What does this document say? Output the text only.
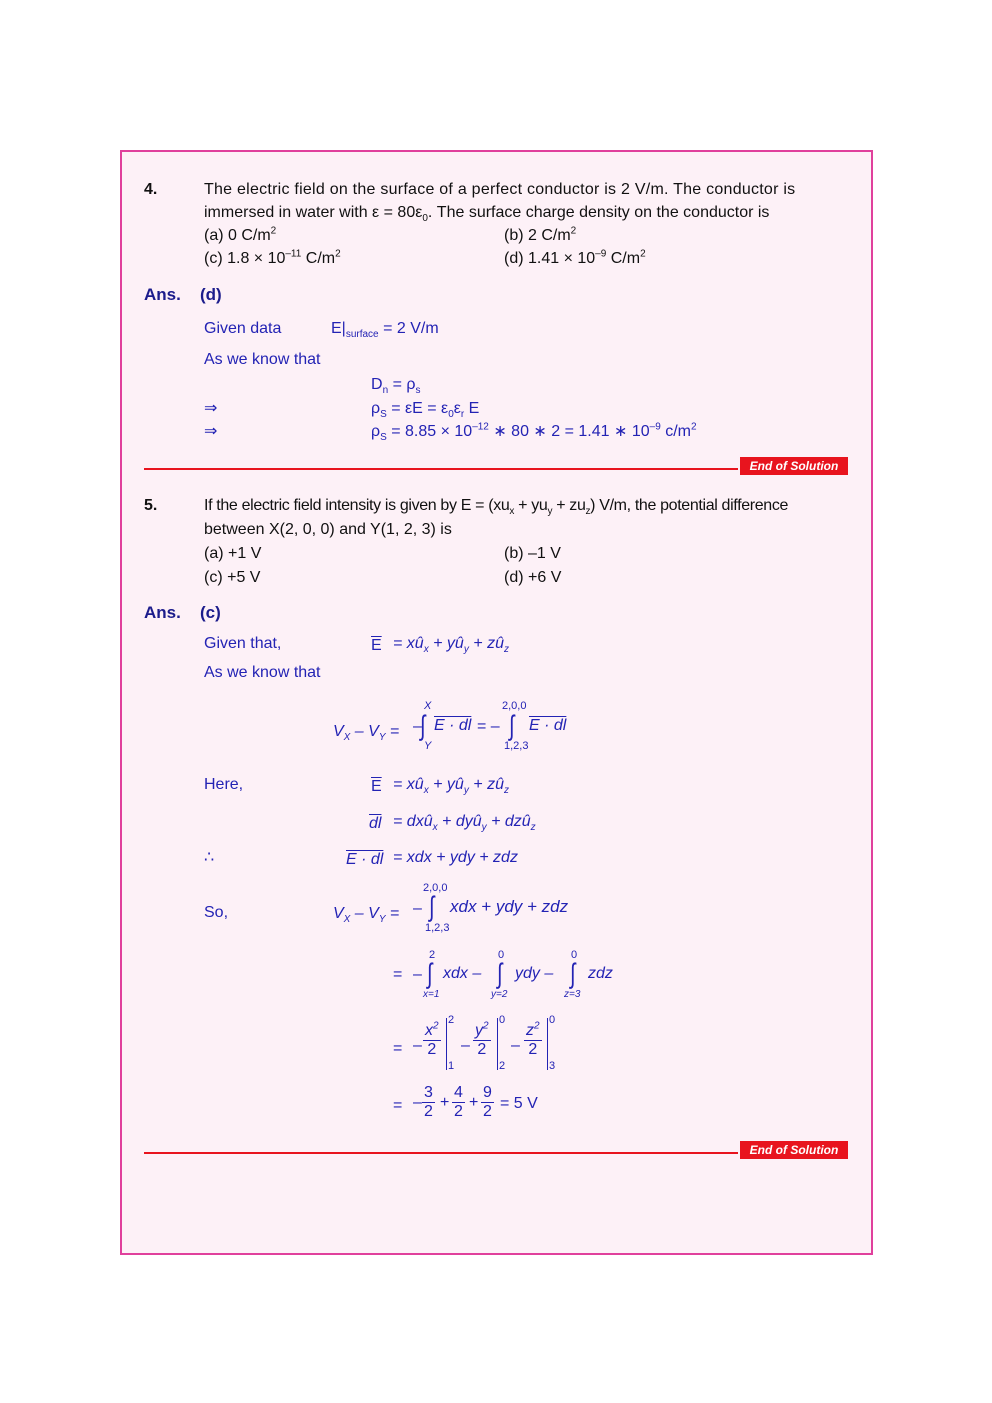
4.	The electric field on the surface of a perfect conductor is 2 V/m. The conductor is
immersed in water with $\varepsilon = 80\varepsilon_0$. The surface charge density on the conductor is
(a) 0 $C/m^2$	(b) 2 $C/m^2$
(c) $1.8 \times 10^{-11}$ $C/m^2$	(d) $1.41 \times 10^{-9}$ $C/m^2$
Ans. (d)
Given data	$E|_{surface} = 2$ V/m
As we know that
$D_n = \rho_s$
⇒	$\rho_S = \varepsilon E = \varepsilon_0\varepsilon_r$ E
⇒	$\rho_S = 8.85 \times 10^{-12}$ ∗ 80 ∗ 2 = 1.41 ∗ $10^{-9}$ $c/m^2$
End of Solution
5.	If the electric field intensity is given by $E = (xu_x + yu_y + zu_z)$ V/m, the potential difference
between X(2, 0, 0) and Y(1, 2, 3) is
(a) +1 V	(b) –1 V
(c) +5 V	(d) +6 V
Ans. (c)
Given that,	$\overline{E}$ = $xû_x$ + $yû_y$ + $zû_z$
As we know that
$V_X - V_Y$ = –
∫
X
Y
E · dl = – ∫
2,0,0
1,2,3
E · dl
Here,	$\overline{E}$ = $xû_x$ + $yû_y$ + $zû_z$
$\overline{dl}$ = dxû$_x$ + dyû$_y$ + dzû$_z$
∴	E · dl = xdx + ydy + zdz
So,	$V_X - V_Y$ = – ∫
2,0,0
1,2,3
xdx + ydy + zdz
= – ∫
2
x=1
xdx – ∫
0
y=2
ydy – ∫
0
z=3
zdz
= – $\frac{x^2}{2}$
2
1
– $\frac{y^2}{2}$
0
2
– $\frac{z^2}{2}$
0
3
= – $\frac{3}{2} + \frac{4}{2} + \frac{9}{2} = 5$ V
End of Solution
